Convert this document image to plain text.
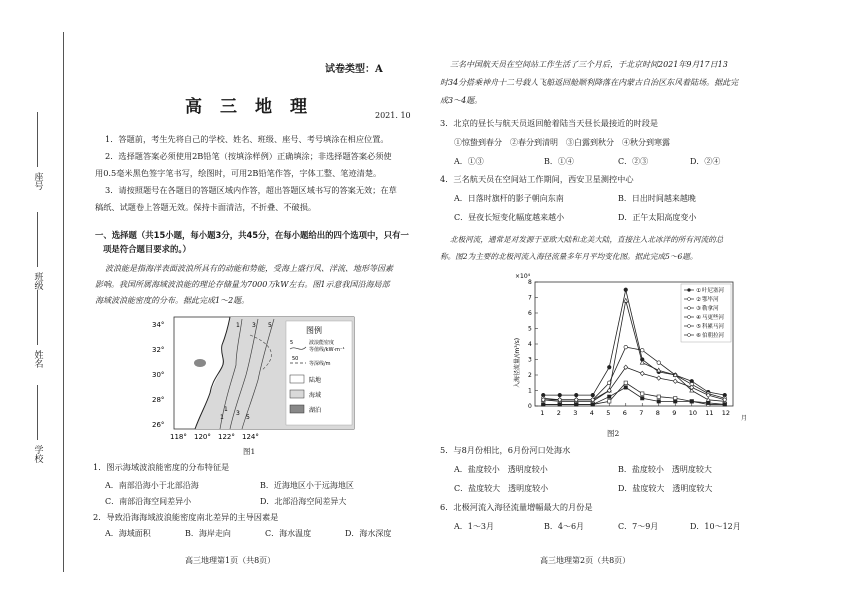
座号
班级
姓名
学校
试卷类型：A
高三地理	2021. 10
1．答题前，考生先将自己的学校、姓名、班级、座号、考号填涂在相应位置。
2．选择题答案必须使用2B铅笔（按填涂样例）正确填涂；非选择题答案必须使
用0.5毫米黑色签字笔书写，绘图时，可用2B铅笔作答，字体工整、笔迹清楚。
3．请按照题号在各题目的答题区域内作答，超出答题区域书写的答案无效；在草
稿纸、试题卷上答题无效。保持卡面清洁，不折叠、不破损。
一、选择题（共15小题，每小题3分，共45分，在每小题给出的四个选项中，只有一
项是符合题目要求的。）
波浪能是指海洋表面波浪所具有的动能和势能，受海上盛行风、洋流、地形等因素
影响。我国所属海域波浪能的理论存储量为7000万kW左右。图1示意我国沿海局部
海域波浪能密度的分布。据此完成1～2题。
1 3 5
1
1
3
5
34°
32°
30°
28°
26°
118° 120° 122° 124°
图例
5	波浪能密度
等值线/kW·m⁻¹
50
等深线/m
陆地
海域
湖泊
图1
1．图示海域波浪能密度的分布特征是
A．南部沿海小于北部沿海	B．近海地区小于远海地区
C．南部沿海空间差异小	D．北部沿海空间差异大
2．导致沿海海域波浪能密度南北差异的主导因素是
A．海域面积	B．海岸走向	C．海水温度	D．海水深度
高三地理第1页（共8页）
三名中国航天员在空间站工作生活了三个月后，于北京时间2021年9月17日13
时34分搭乘神舟十二号载人飞船返回舱顺利降落在内蒙古自治区东风着陆场。据此完
成3～4题。
3．北京的昼长与航天员返回舱着陆当天昼长最接近的时段是
①惊蛰到春分　②春分到清明　③白露到秋分　④秋分到寒露
A．①③	B．①④	C．②③	D．②④
4．三名航天员在空间站工作期间，西安卫星测控中心
A．日落时旗杆的影子朝向东南	B．日出时间越来越晚
C．昼夜长短变化幅度越来越小	D．正午太阳高度变小
北极河流，通常是对发源于亚欧大陆和北美大陆，直接注入北冰洋的所有河流的总
称。图2为主要的北极河流入海径流量多年月平均变化图。据此完成5～6题。
×10⁴
入海径流量/(m³/s)
月
0
1
2
3
4
5
6
7
8
1 2 3 4 5 6 7 8 9 10 11 12
① 叶尼塞河
② 鄂毕河
③ 勒拿河
④ 马更些河
⑤ 科累马河
⑥ 伯朝拉河
图2
5．与8月份相比，6月份河口处海水
A．盐度较小　透明度较小	B．盐度较小　透明度较大
C．盐度较大　透明度较小	D．盐度较大　透明度较大
6．北极河流入海径流量增幅最大的月份是
A．1～3月	B．4～6月	C．7～9月	D．10～12月
高三地理第2页（共8页）
